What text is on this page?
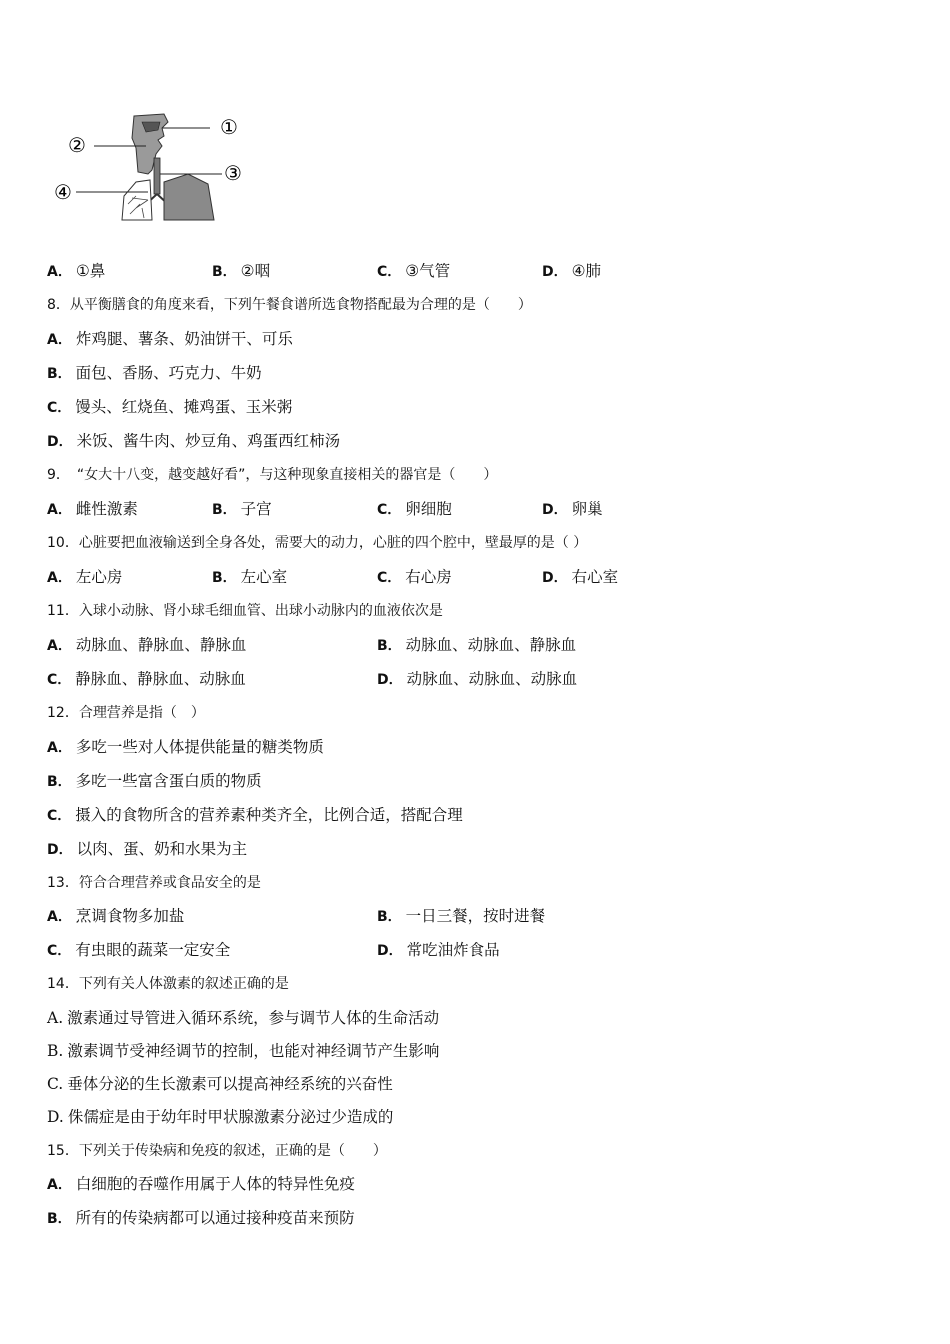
①
②
③
④
A． ①鼻	B． ②咽	C． ③气管	D． ④肺
8．从平衡膳食的角度来看，下列午餐食谱所选食物搭配最为合理的是（　　）
A． 炸鸡腿、薯条、奶油饼干、可乐
B． 面包、香肠、巧克力、牛奶
C． 馒头、红烧鱼、摊鸡蛋、玉米粥
D． 米饭、酱牛肉、炒豆角、鸡蛋西红柿汤
9．　“女大十八变，越变越好看”，与这种现象直接相关的器官是（　　）
A． 雌性激素	B． 子宫	C． 卵细胞	D． 卵巢
10．心脏要把血液输送到全身各处，需要大的动力，心脏的四个腔中，壁最厚的是（ ）
A． 左心房	B． 左心室	C． 右心房	D． 右心室
11．入球小动脉、肾小球毛细血管、出球小动脉内的血液依次是
A． 动脉血、静脉血、静脉血	B． 动脉血、动脉血、静脉血
C． 静脉血、静脉血、动脉血	D． 动脉血、动脉血、动脉血
12．合理营养是指（　）
A． 多吃一些对人体提供能量的糖类物质
B． 多吃一些富含蛋白质的物质
C． 摄入的食物所含的营养素种类齐全，比例合适，搭配合理
D． 以肉、蛋、奶和水果为主
13．符合合理营养或食品安全的是
A． 烹调食物多加盐	B． 一日三餐，按时进餐
C． 有虫眼的蔬菜一定安全	D． 常吃油炸食品
14．下列有关人体激素的叙述正确的是
A. 激素通过导管进入循环系统，参与调节人体的生命活动
B. 激素调节受神经调节的控制，也能对神经调节产生影响
C. 垂体分泌的生长激素可以提高神经系统的兴奋性
D. 侏儒症是由于幼年时甲状腺激素分泌过少造成的
15．下列关于传染病和免疫的叙述，正确的是（　　）
A． 白细胞的吞噬作用属于人体的特异性免疫
B． 所有的传染病都可以通过接种疫苗来预防
